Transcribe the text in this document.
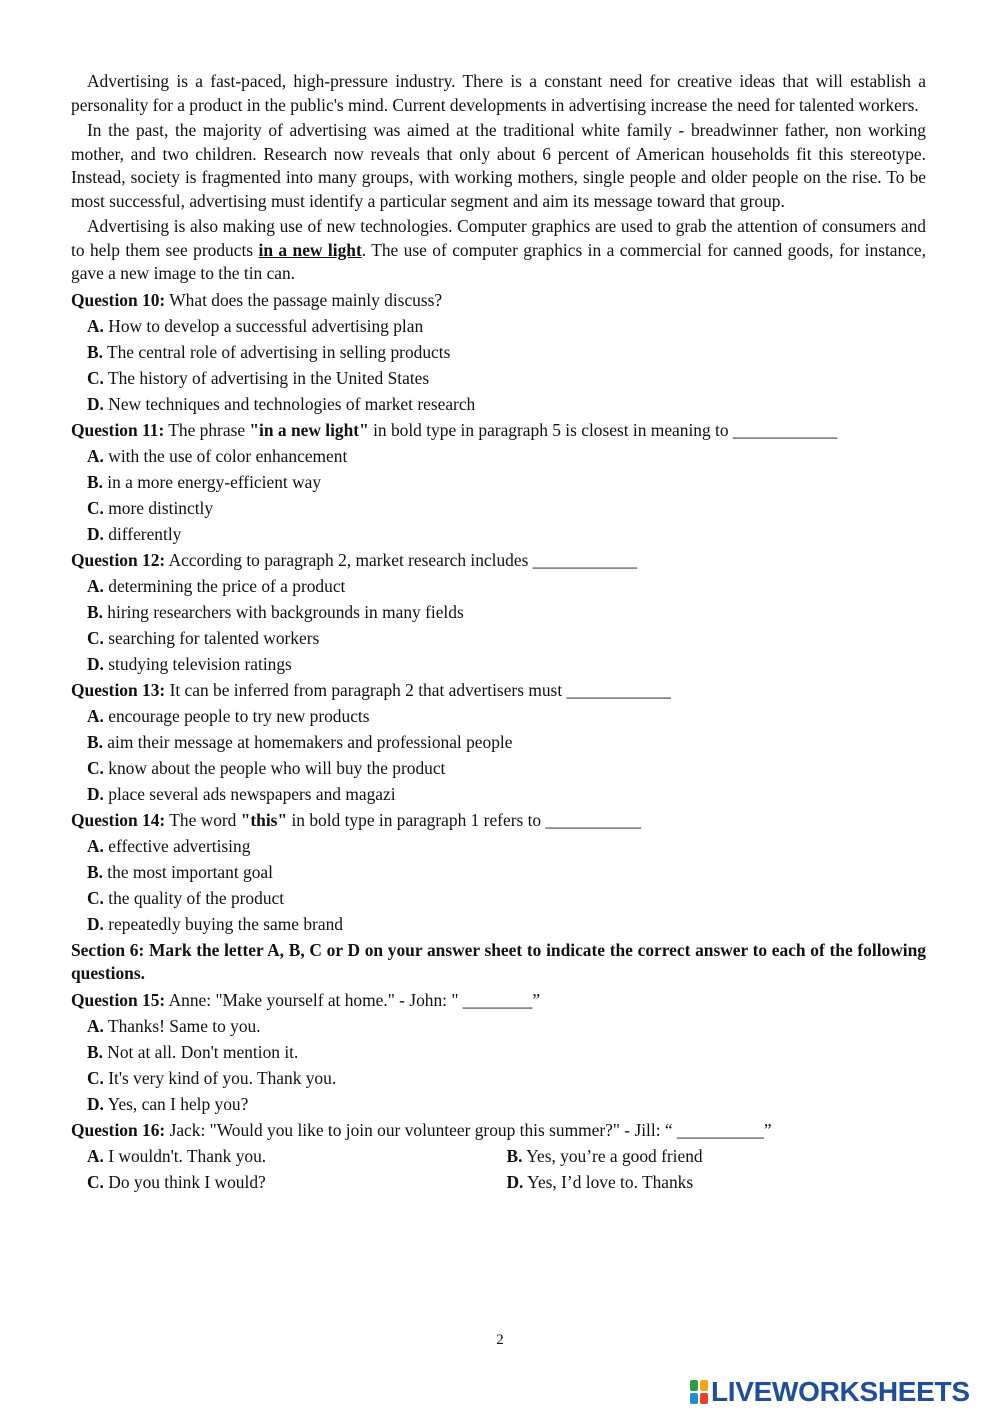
Advertising is a fast-paced, high-pressure industry. There is a constant need for creative ideas that will establish a personality for a product in the public's mind. Current developments in advertising increase the need for talented workers.

In the past, the majority of advertising was aimed at the traditional white family - breadwinner father, non working mother, and two children. Research now reveals that only about 6 percent of American households fit this stereotype. Instead, society is fragmented into many groups, with working mothers, single people and older people on the rise. To be most successful, advertising must identify a particular segment and aim its message toward that group.

Advertising is also making use of new technologies. Computer graphics are used to grab the attention of consumers and to help them see products in a new light. The use of computer graphics in a commercial for canned goods, for instance, gave a new image to the tin can.

Question 10: What does the passage mainly discuss?
A. How to develop a successful advertising plan
B. The central role of advertising in selling products
C. The history of advertising in the United States
D. New techniques and technologies of market research
Question 11: The phrase "in a new light" in bold type in paragraph 5 is closest in meaning to ____________
A. with the use of color enhancement
B. in a more energy-efficient way
C. more distinctly
D. differently
Question 12: According to paragraph 2, market research includes ____________
A. determining the price of a product
B. hiring researchers with backgrounds in many fields
C. searching for talented workers
D. studying television ratings
Question 13: It can be inferred from paragraph 2 that advertisers must ____________
A. encourage people to try new products
B. aim their message at homemakers and professional people
C. know about the people who will buy the product
D. place several ads newspapers and magazi
Question 14: The word "this" in bold type in paragraph 1 refers to ___________
A. effective advertising
B. the most important goal
C. the quality of the product
D. repeatedly buying the same brand
Section 6: Mark the letter A, B, C or D on your answer sheet to indicate the correct answer to each of the following questions.
Question 15: Anne: "Make yourself at home." - John: " ________”
A. Thanks! Same to you.
B. Not at all. Don't mention it.
C. It's very kind of you. Thank you.
D. Yes, can I help you?
Question 16: Jack: "Would you like to join our volunteer group this summer?" - Jill: “ __________”
A. I wouldn't. Thank you.	B. Yes, you’re a good friend
C. Do you think I would?	D. Yes, I’d love to. Thanks
2
LIVEWORKSHEETS
